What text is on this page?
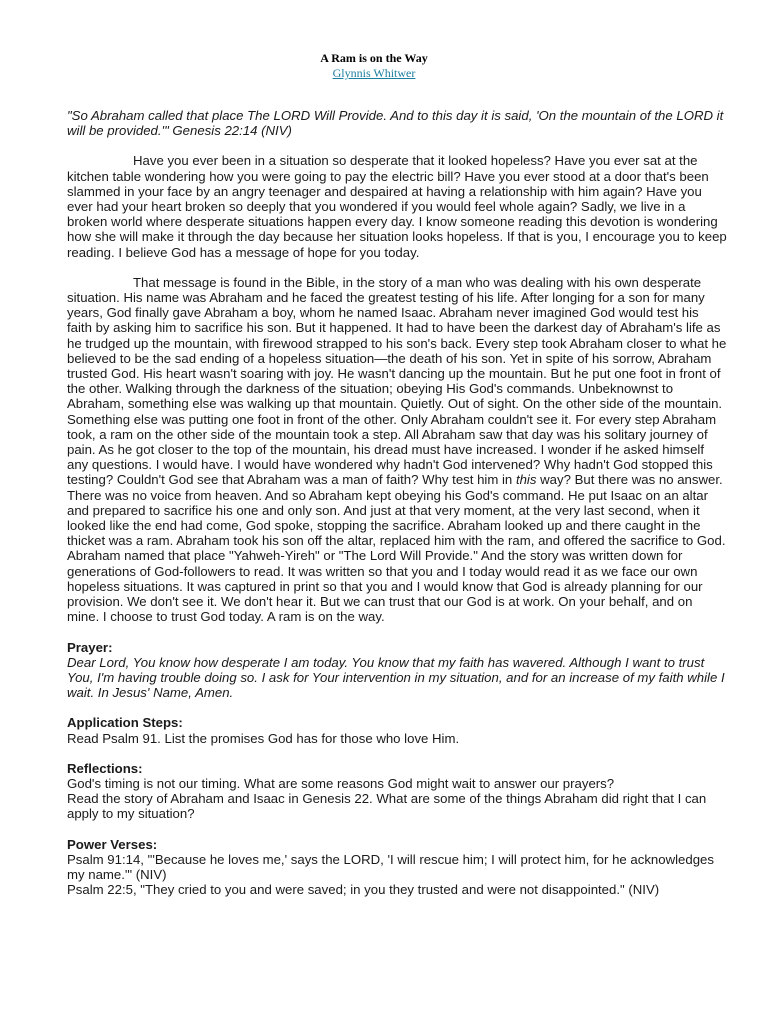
A Ram is on the Way
Glynnis Whitwer

"So Abraham called that place The LORD Will Provide. And to this day it is said, 'On the mountain of the LORD it will be provided.'" Genesis 22:14 (NIV)

Have you ever been in a situation so desperate that it looked hopeless? Have you ever sat at the kitchen table wondering how you were going to pay the electric bill? Have you ever stood at a door that's been slammed in your face by an angry teenager and despaired at having a relationship with him again? Have you ever had your heart broken so deeply that you wondered if you would feel whole again? Sadly, we live in a broken world where desperate situations happen every day. I know someone reading this devotion is wondering how she will make it through the day because her situation looks hopeless. If that is you, I encourage you to keep reading. I believe God has a message of hope for you today.

That message is found in the Bible, in the story of a man who was dealing with his own desperate situation. His name was Abraham and he faced the greatest testing of his life. After longing for a son for many years, God finally gave Abraham a boy, whom he named Isaac. Abraham never imagined God would test his faith by asking him to sacrifice his son. But it happened. It had to have been the darkest day of Abraham's life as he trudged up the mountain, with firewood strapped to his son's back. Every step took Abraham closer to what he believed to be the sad ending of a hopeless situation—the death of his son. Yet in spite of his sorrow, Abraham trusted God. His heart wasn't soaring with joy. He wasn't dancing up the mountain. But he put one foot in front of the other. Walking through the darkness of the situation; obeying His God's commands. Unbeknownst to Abraham, something else was walking up that mountain. Quietly. Out of sight. On the other side of the mountain. Something else was putting one foot in front of the other. Only Abraham couldn't see it. For every step Abraham took, a ram on the other side of the mountain took a step. All Abraham saw that day was his solitary journey of pain. As he got closer to the top of the mountain, his dread must have increased. I wonder if he asked himself any questions. I would have. I would have wondered why hadn't God intervened? Why hadn't God stopped this testing? Couldn't God see that Abraham was a man of faith? Why test him in this way? But there was no answer. There was no voice from heaven. And so Abraham kept obeying his God's command. He put Isaac on an altar and prepared to sacrifice his one and only son. And just at that very moment, at the very last second, when it looked like the end had come, God spoke, stopping the sacrifice. Abraham looked up and there caught in the thicket was a ram. Abraham took his son off the altar, replaced him with the ram, and offered the sacrifice to God. Abraham named that place "Yahweh-Yireh" or "The Lord Will Provide." And the story was written down for generations of God-followers to read. It was written so that you and I today would read it as we face our own hopeless situations. It was captured in print so that you and I would know that God is already planning for our provision. We don't see it. We don't hear it. But we can trust that our God is at work. On your behalf, and on mine. I choose to trust God today. A ram is on the way.

Prayer:

Dear Lord, You know how desperate I am today. You know that my faith has wavered. Although I want to trust You, I'm having trouble doing so. I ask for Your intervention in my situation, and for an increase of my faith while I wait. In Jesus' Name, Amen.

Application Steps:

Read Psalm 91. List the promises God has for those who love Him.

Reflections:

God's timing is not our timing. What are some reasons God might wait to answer our prayers?

Read the story of Abraham and Isaac in Genesis 22. What are some of the things Abraham did right that I can apply to my situation?

Power Verses:

Psalm 91:14, "'Because he loves me,' says the LORD, 'I will rescue him; I will protect him, for he acknowledges my name.'" (NIV)

Psalm 22:5, "They cried to you and were saved; in you they trusted and were not disappointed." (NIV)
